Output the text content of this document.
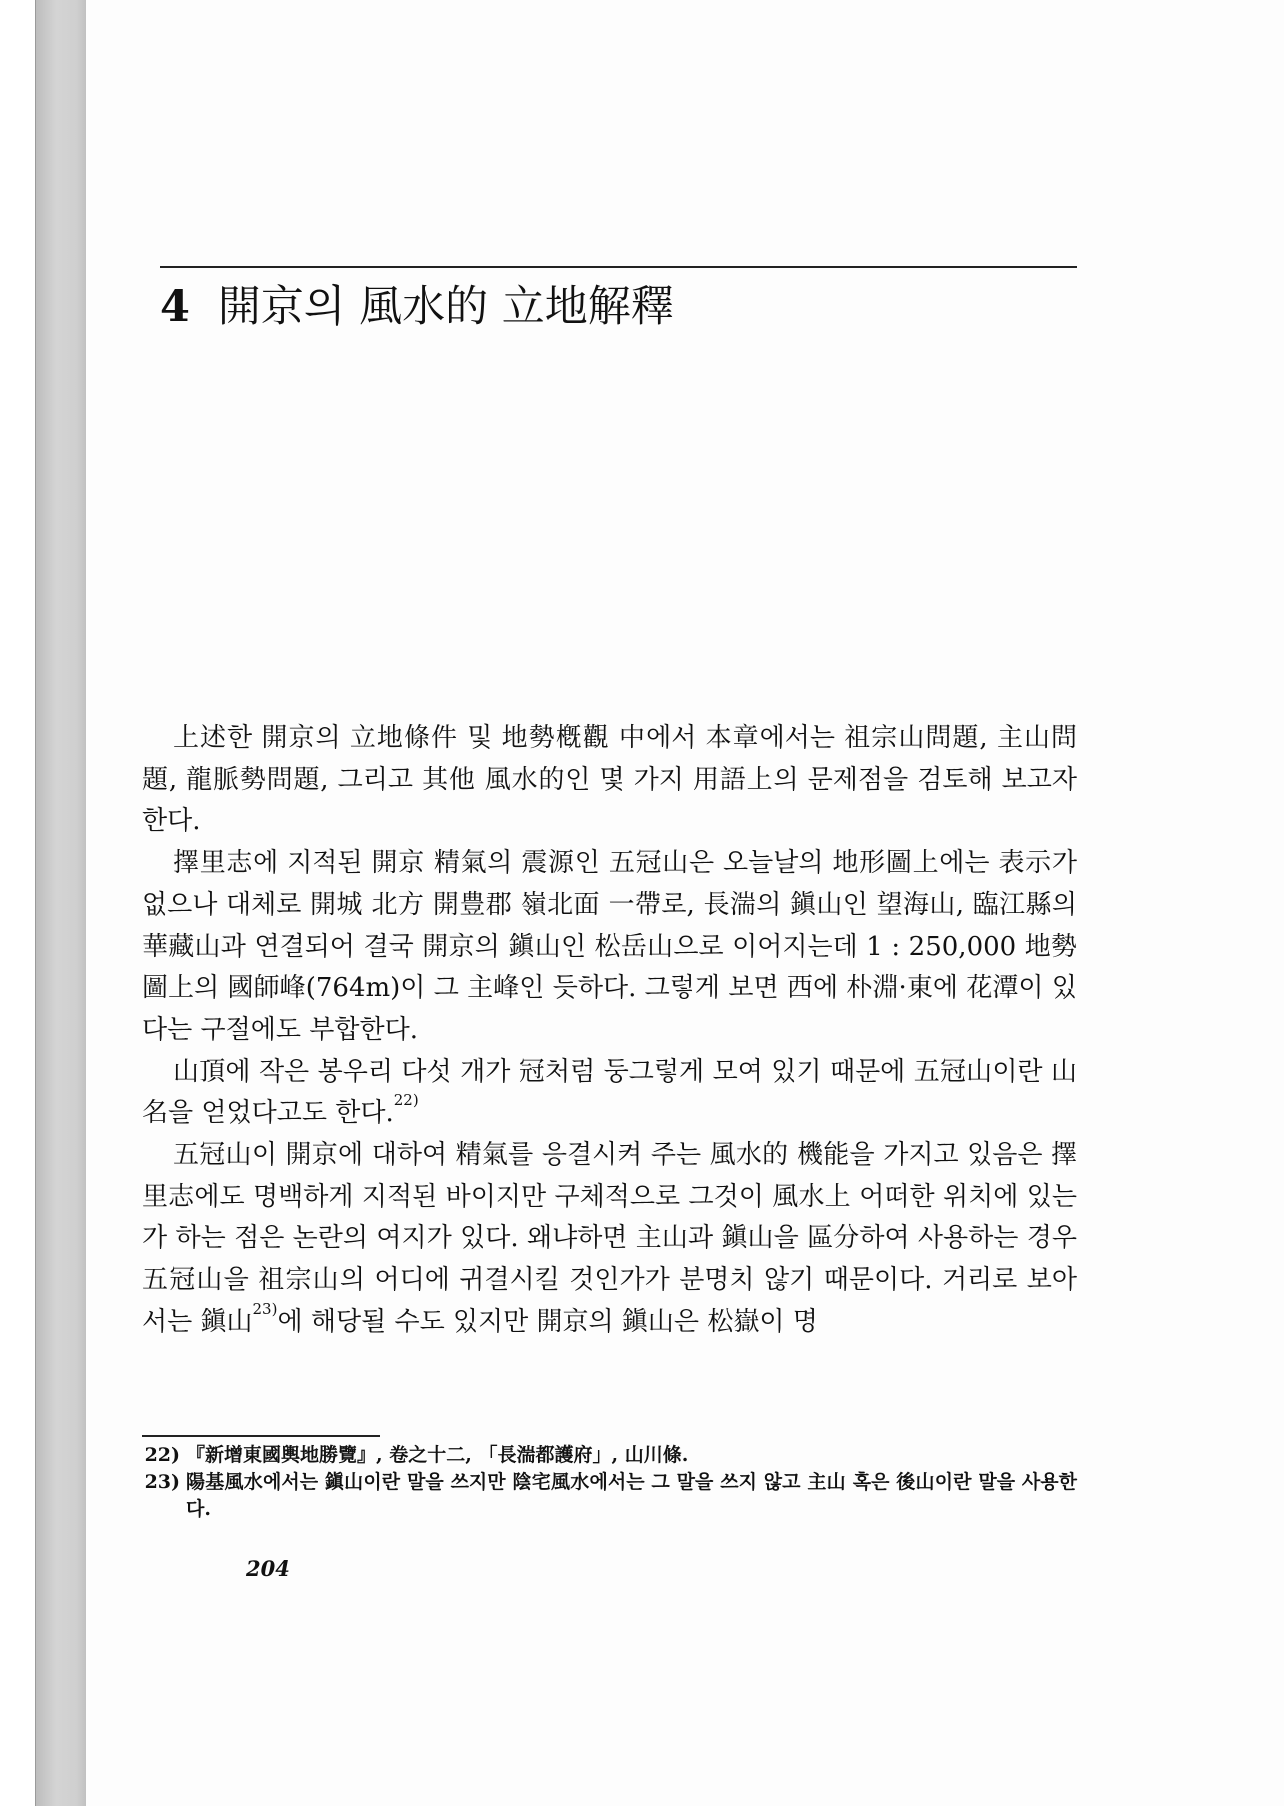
4 開京의 風水的 立地解釋

上述한 開京의 立地條件 및 地勢槪觀 中에서 本章에서는 祖宗山問題, 主山問題, 龍脈勢問題, 그리고 其他 風水的인 몇 가지 用語上의 문제점을 검토해 보고자 한다.

擇里志에 지적된 開京 精氣의 震源인 五冠山은 오늘날의 地形圖上에는 表示가 없으나 대체로 開城 北方 開豊郡 嶺北面 一帶로, 長湍의 鎭山인 望海山, 臨江縣의 華藏山과 연결되어 결국 開京의 鎭山인 松岳山으로 이어지는데 1 : 250,000 地勢圖上의 國師峰(764m)이 그 主峰인 듯하다. 그렇게 보면 西에 朴淵·東에 花潭이 있다는 구절에도 부합한다.

山頂에 작은 봉우리 다섯 개가 冠처럼 둥그렇게 모여 있기 때문에 五冠山이란 山名을 얻었다고도 한다.$^{22)}$

五冠山이 開京에 대하여 精氣를 응결시켜 주는 風水的 機能을 가지고 있음은 擇里志에도 명백하게 지적된 바이지만 구체적으로 그것이 風水上 어떠한 위치에 있는가 하는 점은 논란의 여지가 있다. 왜냐하면 主山과 鎭山을 區分하여 사용하는 경우 五冠山을 祖宗山의 어디에 귀결시킬 것인가가 분명치 않기 때문이다. 거리로 보아서는 鎭山$^{23)}$에 해당될 수도 있지만 開京의 鎭山은 松嶽이 명

22) 『新增東國輿地勝覽』, 卷之十二, 「長湍都護府」, 山川條.
23) 陽基風水에서는 鎭山이란 말을 쓰지만 陰宅風水에서는 그 말을 쓰지 않고 主山 혹은 後山이란 말을 사용한다.
204
